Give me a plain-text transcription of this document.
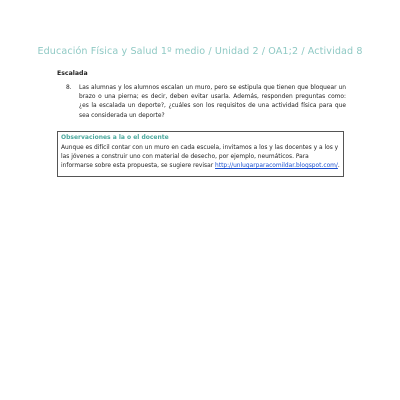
Educación Física y Salud 1º medio / Unidad 2 / OA1;2 / Actividad 8
Escalada
8. Las alumnas y los alumnos escalan un muro, pero se estipula que tienen que bloquear un brazo o una pierna; es decir, deben evitar usarla. Además, responden preguntas como: ¿es la escalada un deporte?, ¿cuáles son los requisitos de una actividad física para que sea considerada un deporte?
Observaciones a la o el docente
Aunque es difícil contar con un muro en cada escuela, invitamos a los y las docentes y a los y las jóvenes a construir uno con material de desecho, por ejemplo, neumáticos. Para informarse sobre esta propuesta, se sugiere revisar http://unlugarparacomildar.blogspot.com/.
